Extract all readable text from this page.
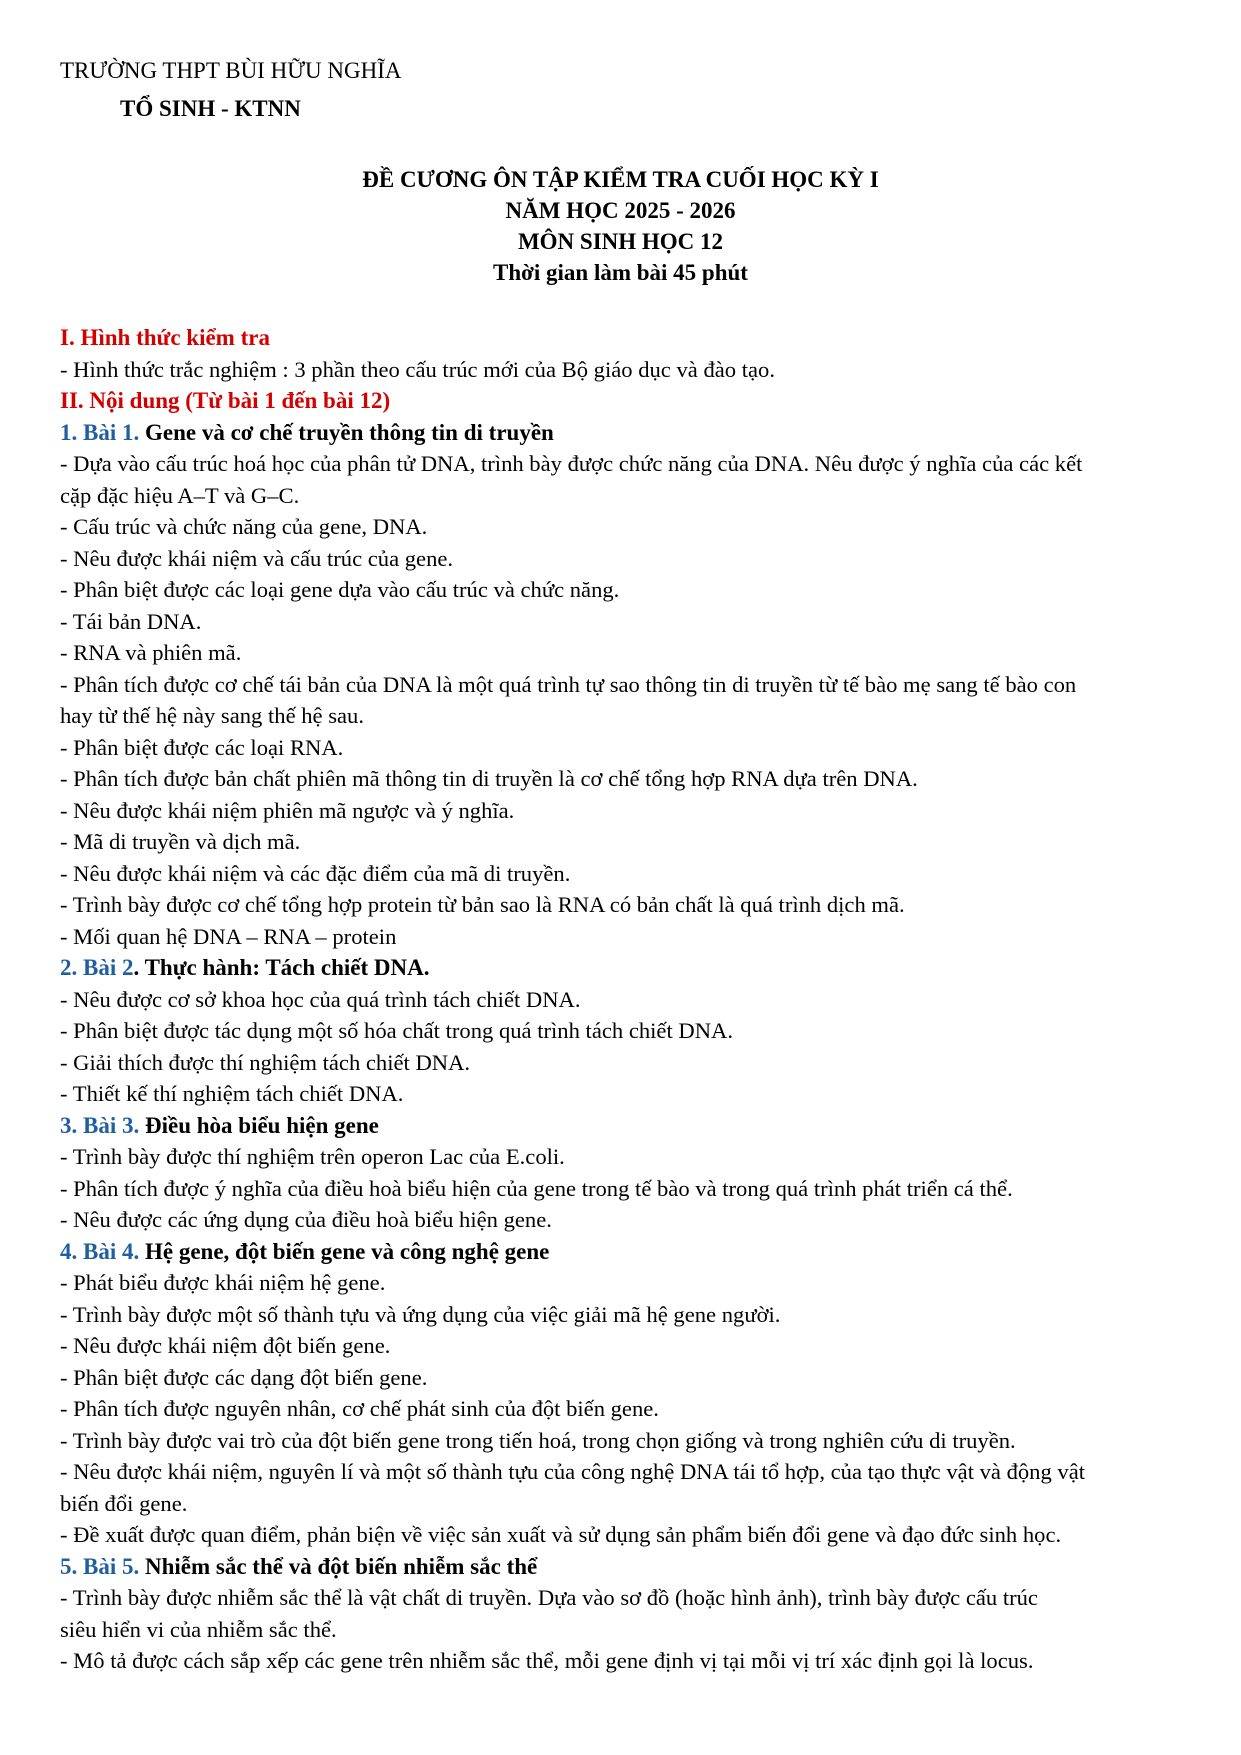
TRƯỜNG THPT BÙI HỮU NGHĨA
TỔ SINH - KTNN
ĐỀ CƯƠNG ÔN TẬP KIỂM TRA CUỐI HỌC KỲ I
NĂM HỌC 2025 - 2026
MÔN SINH HỌC 12
Thời gian làm bài 45 phút
I. Hình thức kiểm tra
- Hình thức trắc nghiệm : 3 phần theo cấu trúc mới của Bộ giáo dục và đào tạo.
II. Nội dung (Từ bài 1 đến bài 12)
1. Bài 1. Gene và cơ chế truyền thông tin di truyền
- Dựa vào cấu trúc hoá học của phân tử DNA, trình bày được chức năng của DNA. Nêu được ý nghĩa của các kết
cặp đặc hiệu A–T và G–C.
- Cấu trúc và chức năng của gene, DNA.
- Nêu được khái niệm và cấu trúc của gene.
- Phân biệt được các loại gene dựa vào cấu trúc và chức năng.
- Tái bản DNA.
- RNA và phiên mã.
- Phân tích được cơ chế tái bản của DNA là một quá trình tự sao thông tin di truyền từ tế bào mẹ sang tế bào con
hay từ thế hệ này sang thế hệ sau.
- Phân biệt được các loại RNA.
- Phân tích được bản chất phiên mã thông tin di truyền là cơ chế tổng hợp RNA dựa trên DNA.
- Nêu được khái niệm phiên mã ngược và ý nghĩa.
- Mã di truyền và dịch mã.
- Nêu được khái niệm và các đặc điểm của mã di truyền.
- Trình bày được cơ chế tổng hợp protein từ bản sao là RNA có bản chất là quá trình dịch mã.
- Mối quan hệ DNA – RNA – protein
2. Bài 2. Thực hành: Tách chiết DNA.
- Nêu được cơ sở khoa học của quá trình tách chiết DNA.
- Phân biệt được tác dụng một số hóa chất trong quá trình tách chiết DNA.
- Giải thích được thí nghiệm tách chiết DNA.
- Thiết kế thí nghiệm tách chiết DNA.
3. Bài 3. Điều hòa biểu hiện gene
- Trình bày được thí nghiệm trên operon Lac của E.coli.
- Phân tích được ý nghĩa của điều hoà biểu hiện của gene trong tế bào và trong quá trình phát triển cá thể.
- Nêu được các ứng dụng của điều hoà biểu hiện gene.
4. Bài 4. Hệ gene, đột biến gene và công nghệ gene
- Phát biểu được khái niệm hệ gene.
- Trình bày được một số thành tựu và ứng dụng của việc giải mã hệ gene người.
- Nêu được khái niệm đột biến gene.
- Phân biệt được các dạng đột biến gene.
- Phân tích được nguyên nhân, cơ chế phát sinh của đột biến gene.
- Trình bày được vai trò của đột biến gene trong tiến hoá, trong chọn giống và trong nghiên cứu di truyền.
- Nêu được khái niệm, nguyên lí và một số thành tựu của công nghệ DNA tái tổ hợp, của tạo thực vật và động vật
biến đổi gene.
- Đề xuất được quan điểm, phản biện về việc sản xuất và sử dụng sản phẩm biến đổi gene và đạo đức sinh học.
5. Bài 5. Nhiễm sắc thể và đột biến nhiễm sắc thể
- Trình bày được nhiễm sắc thể là vật chất di truyền. Dựa vào sơ đồ (hoặc hình ảnh), trình bày được cấu trúc
siêu hiển vi của nhiễm sắc thể.
- Mô tả được cách sắp xếp các gene trên nhiễm sắc thể, mỗi gene định vị tại mỗi vị trí xác định gọi là locus.
